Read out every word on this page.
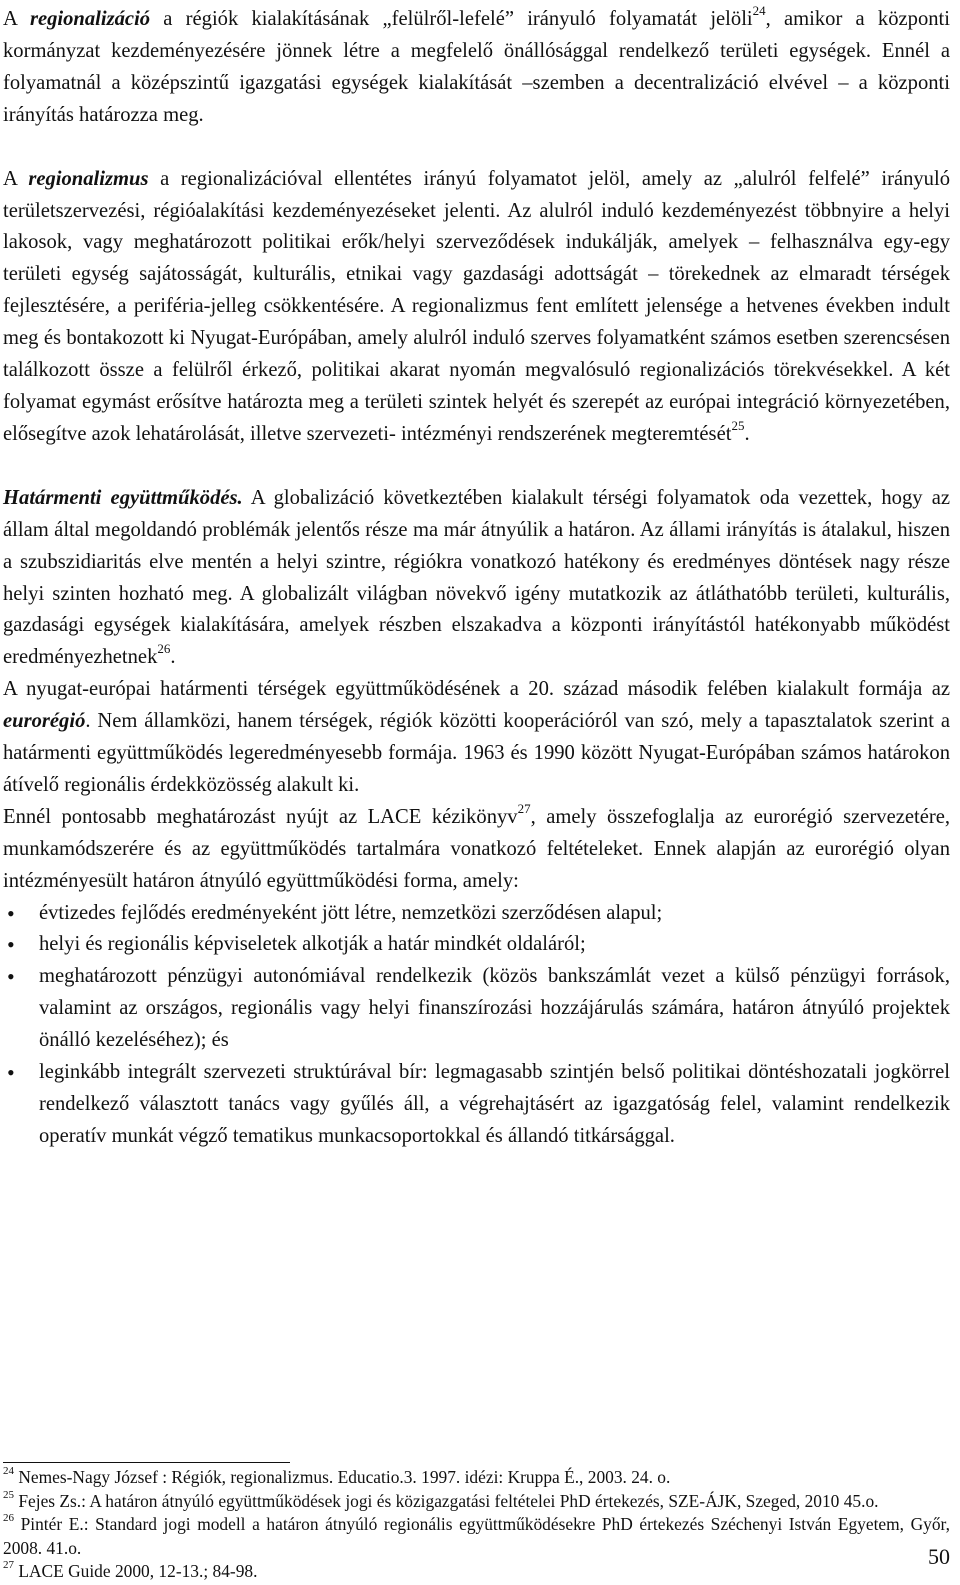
A regionalizáció a régiók kialakításának „felülről-lefelé” irányuló folyamatát jelöli$^{24}$, amikor a központi kormányzat kezdeményezésére jönnek létre a megfelelő önállósággal rendelkező területi egységek. Ennél a folyamatnál a középszintű igazgatási egységek kialakítását –szemben a decentralizáció elvével – a központi irányítás határozza meg.

A regionalizmus a regionalizációval ellentétes irányú folyamatot jelöl, amely az „alulról felfelé” irányuló területszervezési, régióalakítási kezdeményezéseket jelenti. Az alulról induló kezdeményezést többnyire a helyi lakosok, vagy meghatározott politikai erők/helyi szerveződések indukálják, amelyek – felhasználva egy-egy területi egység sajátosságát, kulturális, etnikai vagy gazdasági adottságát – törekednek az elmaradt térségek fejlesztésére, a periféria-jelleg csökkentésére. A regionalizmus fent említett jelensége a hetvenes években indult meg és bontakozott ki Nyugat-Európában, amely alulról induló szerves folyamatként számos esetben szerencsésen találkozott össze a felülről érkező, politikai akarat nyomán megvalósuló regionalizációs törekvésekkel. A két folyamat egymást erősítve határozta meg a területi szintek helyét és szerepét az európai integráció környezetében, elősegítve azok lehatárolását, illetve szervezeti- intézményi rendszerének megteremtését$^{25}$.

Határmenti együttműködés. A globalizáció következtében kialakult térségi folyamatok oda vezettek, hogy az állam által megoldandó problémák jelentős része ma már átnyúlik a határon. Az állami irányítás is átalakul, hiszen a szubszidiaritás elve mentén a helyi szintre, régiókra vonatkozó hatékony és eredményes döntések nagy része helyi szinten hozható meg. A globalizált világban növekvő igény mutatkozik az átláthatóbb területi, kulturális, gazdasági egységek kialakítására, amelyek részben elszakadva a központi irányítástól hatékonyabb működést eredményezhetnek$^{26}$.

A nyugat-európai határmenti térségek együttműködésének a 20. század második felében kialakult formája az eurorégió. Nem államközi, hanem térségek, régiók közötti kooperációról van szó, mely a tapasztalatok szerint a határmenti együttműködés legeredményesebb formája. 1963 és 1990 között Nyugat-Európában számos határokon átívelő regionális érdekközösség alakult ki.

Ennél pontosabb meghatározást nyújt az LACE kézikönyv$^{27}$, amely összefoglalja az eurorégió szervezetére, munkamódszerére és az együttműködés tartalmára vonatkozó feltételeket. Ennek alapján az eurorégió olyan intézményesült határon átnyúló együttműködési forma, amely:

• évtizedes fejlődés eredményeként jött létre, nemzetközi szerződésen alapul;
• helyi és regionális képviseletek alkotják a határ mindkét oldaláról;
• meghatározott pénzügyi autonómiával rendelkezik (közös bankszámlát vezet a külső pénzügyi források, valamint az országos, regionális vagy helyi finanszírozási hozzájárulás számára, határon átnyúló projektek önálló kezeléséhez); és
• leginkább integrált szervezeti struktúrával bír: legmagasabb szintjén belső politikai döntéshozatali jogkörrel rendelkező választott tanács vagy gyűlés áll, a végrehajtásért az igazgatóság felel, valamint rendelkezik operatív munkát végző tematikus munkacsoportokkal és állandó titkársággal.

$^{24}$ Nemes-Nagy József : Régiók, regionalizmus. Educatio.3. 1997. idézi: Kruppa É., 2003. 24. o.

$^{25}$ Fejes Zs.: A határon átnyúló együttműködések jogi és közigazgatási feltételei PhD értekezés, SZE-ÁJK, Szeged, 2010 45.o.

$^{26}$ Pintér E.: Standard jogi modell a határon átnyúló regionális együttműködésekre PhD értekezés Széchenyi István Egyetem, Győr, 2008. 41.o.

$^{27}$ LACE Guide 2000, 12-13.; 84-98.

50
